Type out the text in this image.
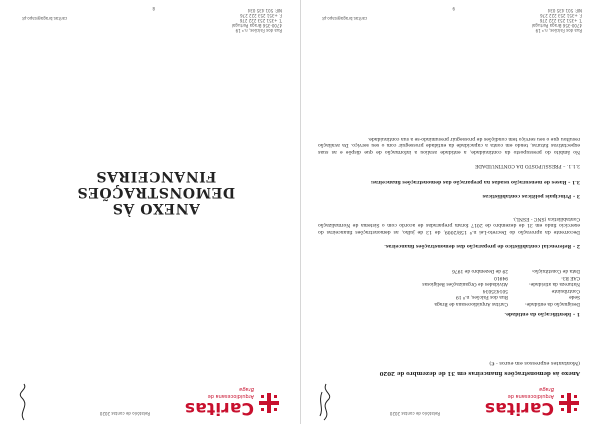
Caritas
Arquidiocesana de
Braga
Relatório de contas 2020
Anexo às demonstrações financeiras em 31 de dezembro de 2020
(Montantes expressos em euros - €)
1 – Identificação da entidade.
Designação da entidade:
Caritas Arquidiocesana de Braga
Sede
Rua dos Falcões, n.º 19
Contribuinte
501435034
Natureza da atividade:
Atividades de Organizações Religiosas
CAE R3:
94910
Data de Constituição:
29 de Dezembro de 1976
2 – Referencial contabilístico de preparação das demonstrações financeiras.
Decorrente da aprovação do Decreto-Lei n.º 158/2009, de 13 de julho, as demonstrações financeiras do exercício findo em 31 de dezembro de 2017 foram preparadas de acordo com o Sistema de Normalização Contabilística (SNC - ESNL).
3 – Principais políticas contabilísticas
3.1 – Bases de mensuração usadas na preparação das demonstrações financeiras:
3.1.1. – PRESSUPOSTO DA CONTINUIDADE
No âmbito do pressuposto da continuidade, a entidade avaliou a informação de que dispõe e as suas expectativas futuras, tendo em conta a capacidade da entidade prosseguir com o seu serviço. Da avaliação resultou que o seu serviço tem condições de prosseguir presumindo-se a sua continuidade.
9
Rua dos Falcões, n.º 19
4700-356 Braga Portugal
T. +351 253 222 276
F. +351 253 222 276
NIF: 501 435 034
caritas.braga@sapo.pt
Caritas
Arquidiocesana de
Braga
Relatório de contas 2020
ANEXO ÀS DEMONSTRAÇÕES FINANCEIRAS
8
Rua dos Falcões, n.º 19
4700-356 Braga Portugal
T. +351 253 222 276
F. +351 253 222 276
NIF: 501 435 034
caritas.braga@sapo.pt
